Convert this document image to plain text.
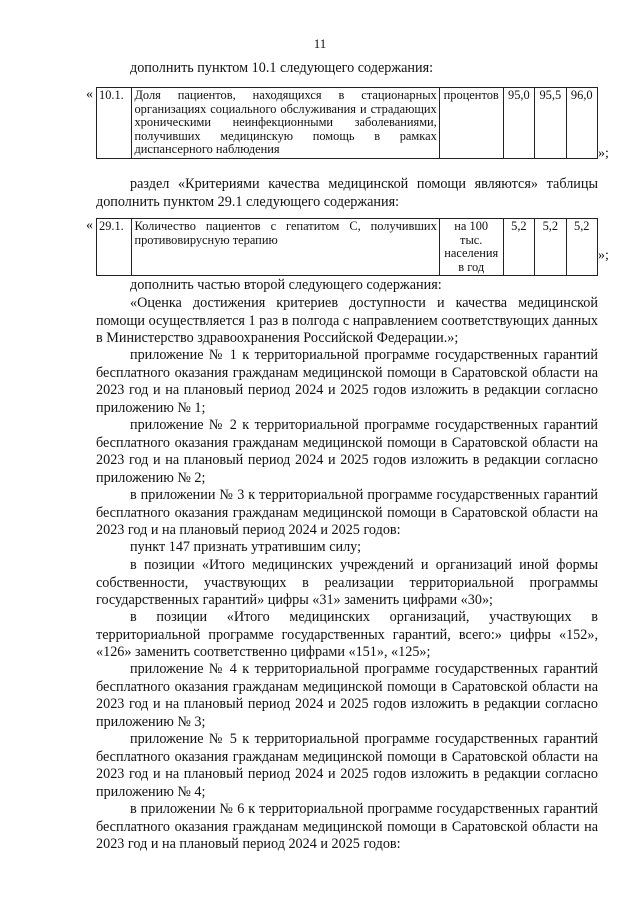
11

дополнить пунктом 10.1 следующего содержания:

« 10.1.	Доля пациентов, находящихся в стационарных организациях социального обслуживания и страдающих хроническими неинфекционными заболеваниями, получивших медицинскую помощь в рамках диспансерного наблюдения	процентов	95,0	95,5	96,0
»;

раздел «Критериями качества медицинской помощи являются» таблицы дополнить пунктом 29.1 следующего содержания:

« 29.1.	Количество пациентов с гепатитом С, получивших противовирусную терапию	на 100 тыс. населения в год	5,2	5,2	5,2
»;

дополнить частью второй следующего содержания:

«Оценка достижения критериев доступности и качества медицинской помощи осуществляется 1 раз в полгода с направлением соответствующих данных в Министерство здравоохранения Российской Федерации.»;

приложение № 1 к территориальной программе государственных гарантий бесплатного оказания гражданам медицинской помощи в Саратовской области на 2023 год и на плановый период 2024 и 2025 годов изложить в редакции согласно приложению № 1;

приложение № 2 к территориальной программе государственных гарантий бесплатного оказания гражданам медицинской помощи в Саратовской области на 2023 год и на плановый период 2024 и 2025 годов изложить в редакции согласно приложению № 2;

в приложении № 3 к территориальной программе государственных гарантий бесплатного оказания гражданам медицинской помощи в Саратовской области на 2023 год и на плановый период 2024 и 2025 годов:

пункт 147 признать утратившим силу;

в позиции «Итого медицинских учреждений и организаций иной формы собственности, участвующих в реализации территориальной программы государственных гарантий» цифры «31» заменить цифрами «30»;

в позиции «Итого медицинских организаций, участвующих в территориальной программе государственных гарантий, всего:» цифры «152», «126» заменить соответственно цифрами «151», «125»;

приложение № 4 к территориальной программе государственных гарантий бесплатного оказания гражданам медицинской помощи в Саратовской области на 2023 год и на плановый период 2024 и 2025 годов изложить в редакции согласно приложению № 3;

приложение № 5 к территориальной программе государственных гарантий бесплатного оказания гражданам медицинской помощи в Саратовской области на 2023 год и на плановый период 2024 и 2025 годов изложить в редакции согласно приложению № 4;

в приложении № 6 к территориальной программе государственных гарантий бесплатного оказания гражданам медицинской помощи в Саратовской области на 2023 год и на плановый период 2024 и 2025 годов:
